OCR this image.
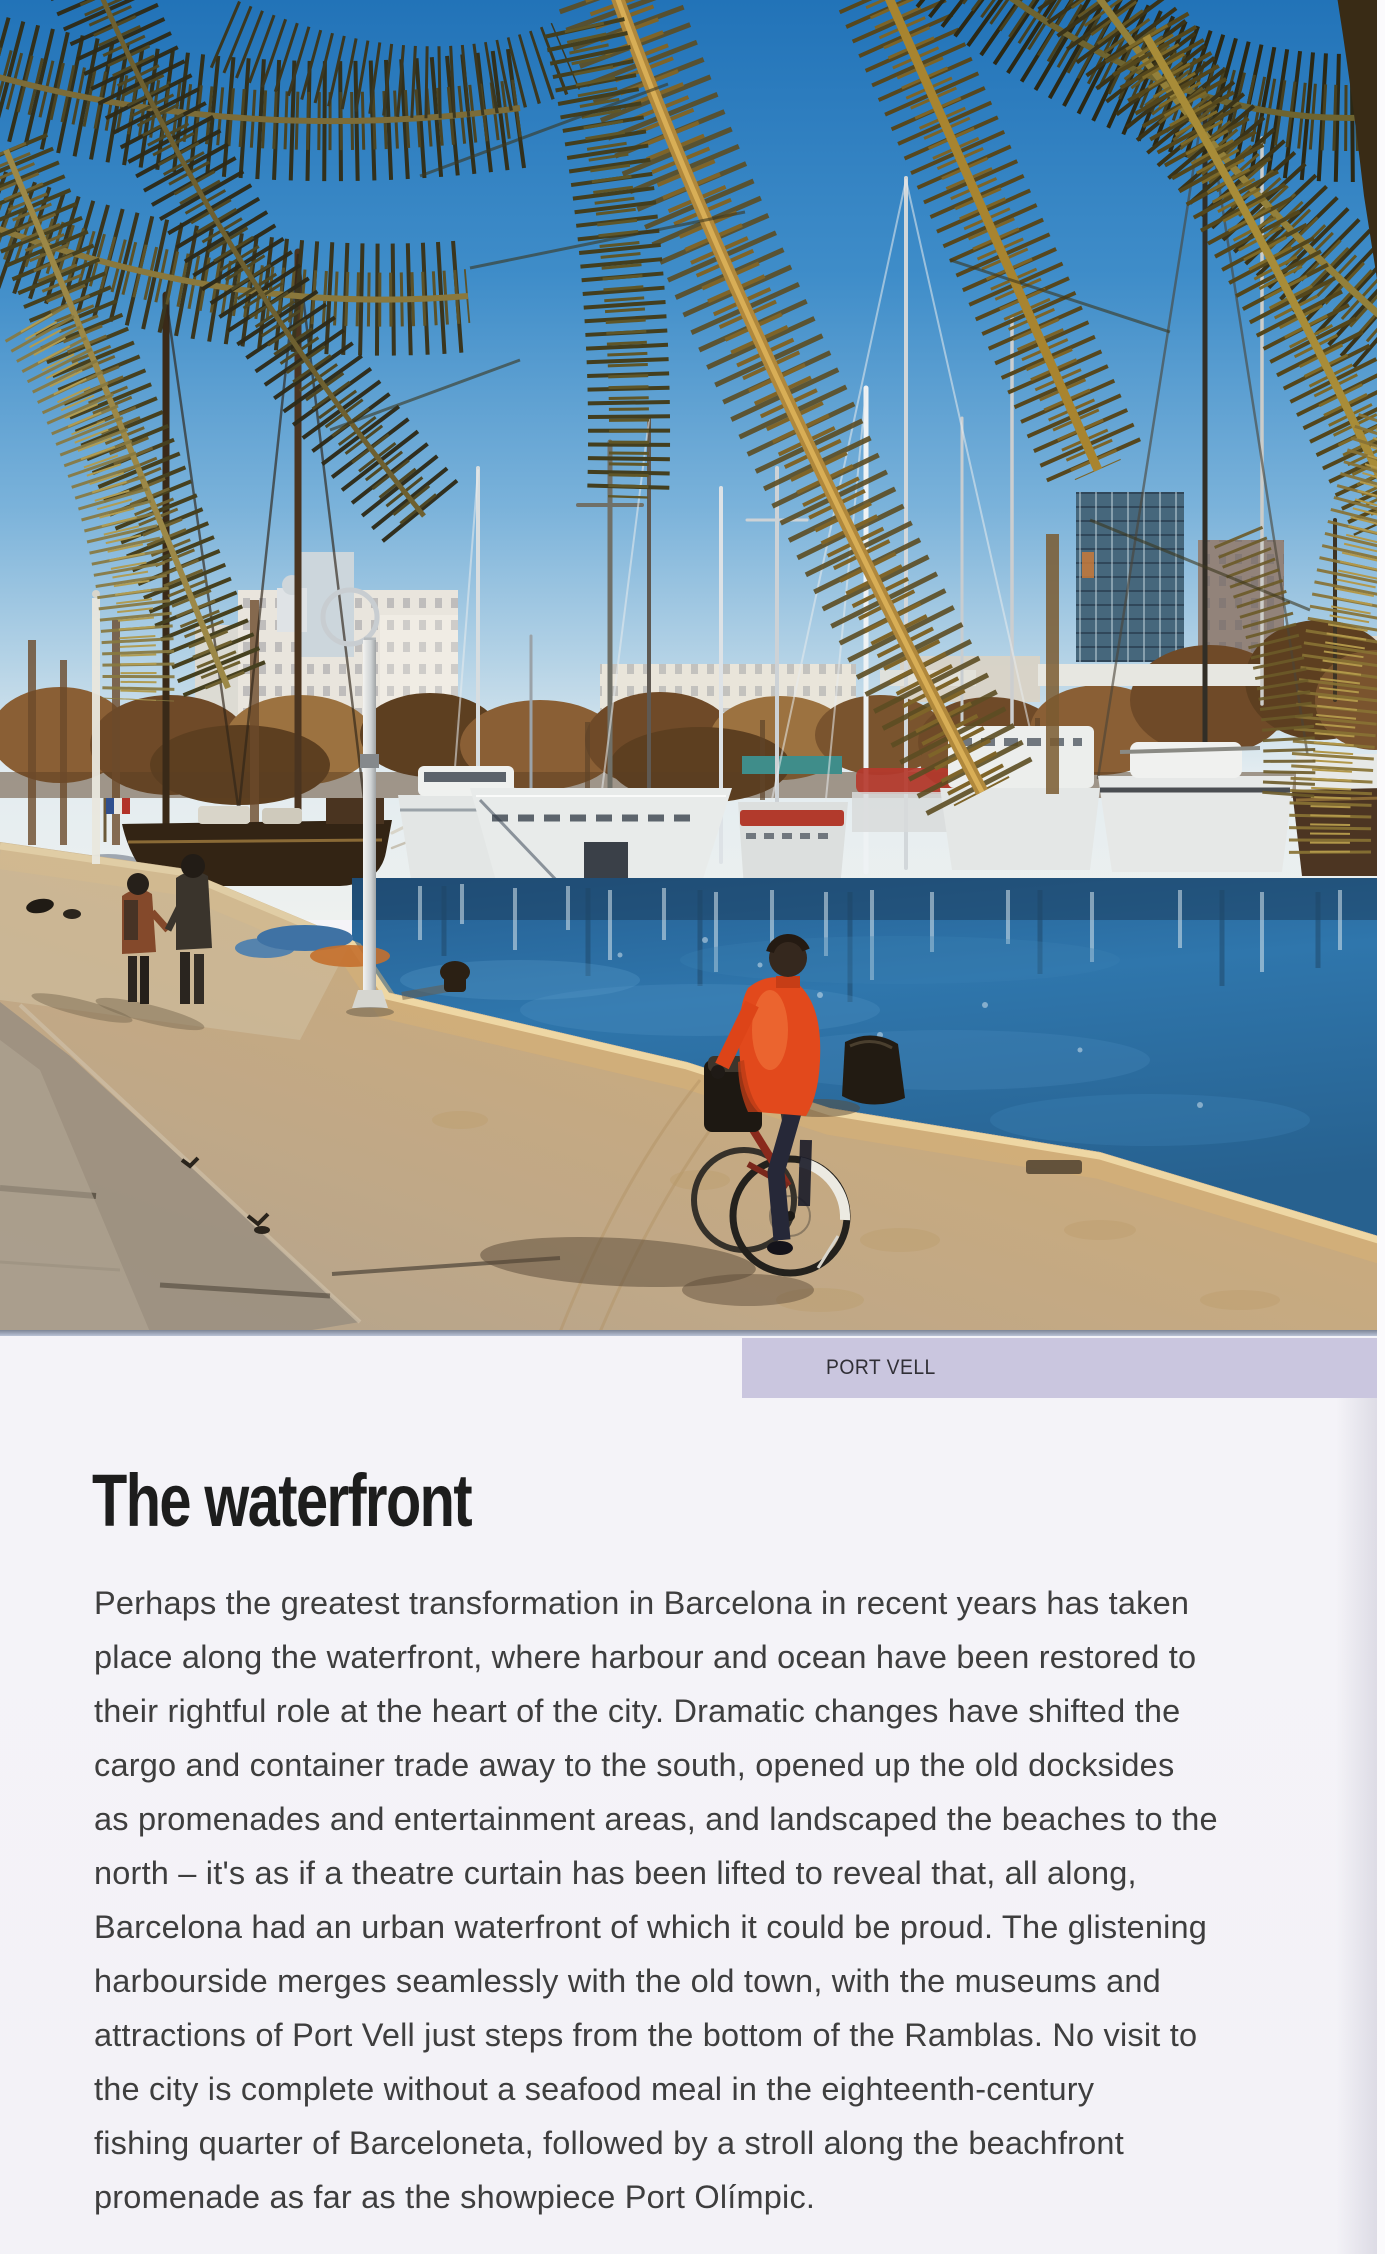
PORT VELL
The waterfront
Perhaps the greatest transformation in Barcelona in recent years has taken
place along the waterfront, where harbour and ocean have been restored to
their rightful role at the heart of the city. Dramatic changes have shifted the
cargo and container trade away to the south, opened up the old docksides
as promenades and entertainment areas, and landscaped the beaches to the
north – it's as if a theatre curtain has been lifted to reveal that, all along,
Barcelona had an urban waterfront of which it could be proud. The glistening
harbourside merges seamlessly with the old town, with the museums and
attractions of Port Vell just steps from the bottom of the Ramblas. No visit to
the city is complete without a seafood meal in the eighteenth-century
fishing quarter of Barceloneta, followed by a stroll along the beachfront
promenade as far as the showpiece Port Olímpic.
